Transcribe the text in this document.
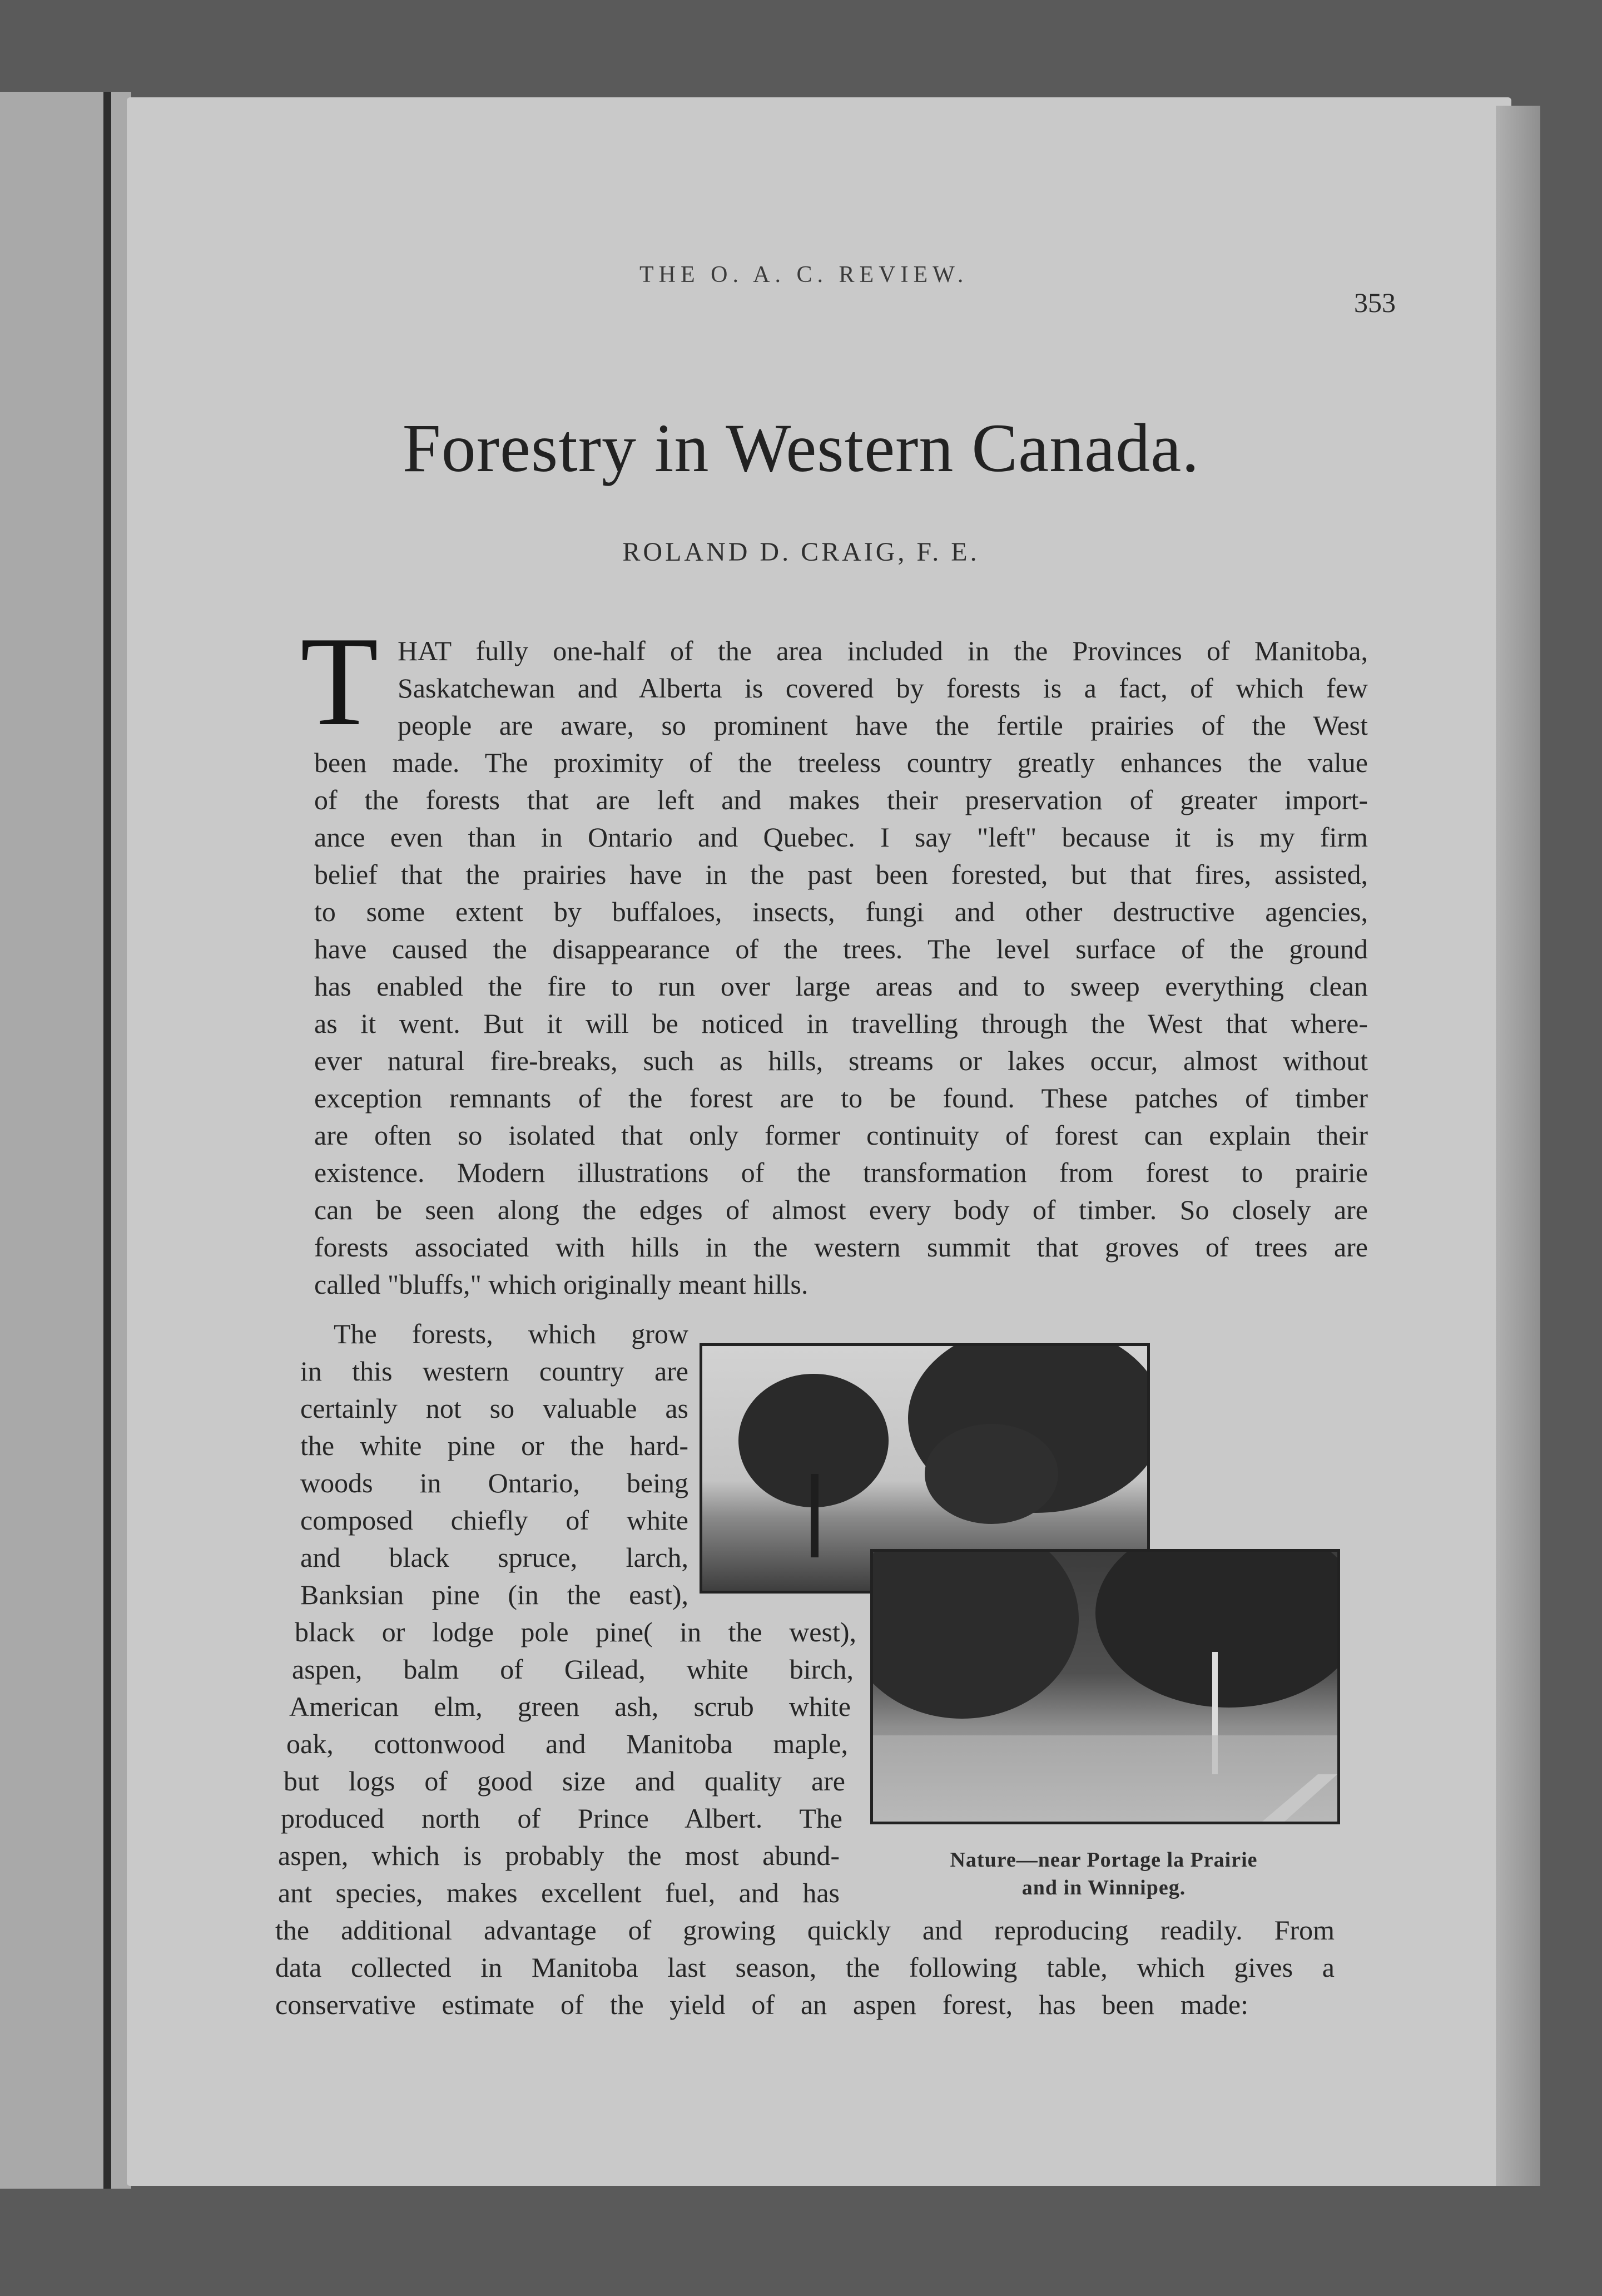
THE O. A. C. REVIEW.
353
Forestry in Western Canada.
ROLAND D. CRAIG, F. E.
T HAT fully one-half of the area included in the Provinces of Manitoba,
Saskatchewan and Alberta is covered by forests is a fact, of which few
people are aware, so prominent have the fertile prairies of the West
been made. The proximity of the treeless country greatly enhances the value
of the forests that are left and makes their preservation of greater import-
ance even than in Ontario and Quebec. I say "left" because it is my firm
belief that the prairies have in the past been forested, but that fires, assisted,
to some extent by buffaloes, insects, fungi and other destructive agencies,
have caused the disappearance of the trees. The level surface of the ground
has enabled the fire to run over large areas and to sweep everything clean
as it went. But it will be noticed in travelling through the West that where-
ever natural fire-breaks, such as hills, streams or lakes occur, almost without
exception remnants of the forest are to be found. These patches of timber
are often so isolated that only former continuity of forest can explain their
existence. Modern illustrations of the transformation from forest to prairie
can be seen along the edges of almost every body of timber. So closely are
forests associated with hills in the western summit that groves of trees are
called "bluffs," which originally meant hills.
The forests, which grow
in this western country are
certainly not so valuable as
the white pine or the hard-
woods in Ontario, being
composed chiefly of white
and black spruce, larch,
Banksian pine (in the east),
black or lodge pole pine( in the west),
aspen, balm of Gilead, white birch,
American elm, green ash, scrub white
oak, cottonwood and Manitoba maple,
but logs of good size and quality are
produced north of Prince Albert. The
aspen, which is probably the most abund-
ant species, makes excellent fuel, and has
the additional advantage of growing quickly and reproducing readily. From
data collected in Manitoba last season, the following table, which gives a
conservative estimate of the yield of an aspen forest, has been made:
Nature—near Portage la Prairie
and in Winnipeg.
